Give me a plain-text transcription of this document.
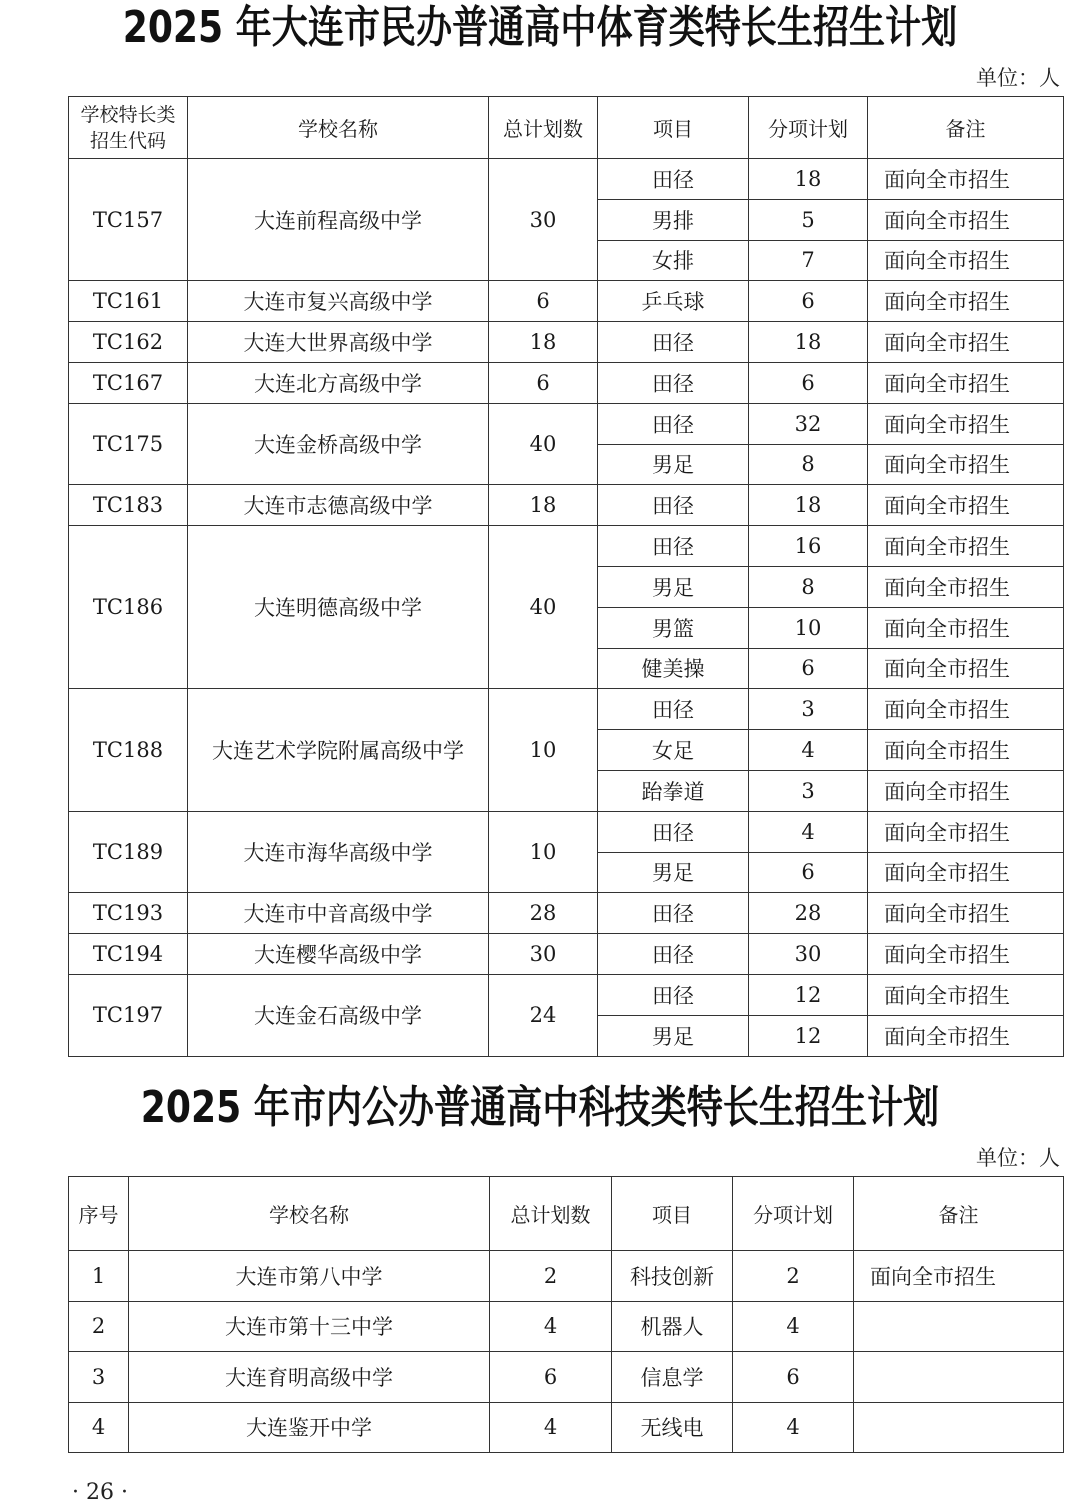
2025 年大连市民办普通高中体育类特长生招生计划
单位：人
学校特长类招生代码	学校名称	总计划数	项目	分项计划	备注
TC157	大连前程高级中学	30	田径	18	面向全市招生
			男排	5	面向全市招生
			女排	7	面向全市招生
TC161	大连市复兴高级中学	6	乒乓球	6	面向全市招生
TC162	大连大世界高级中学	18	田径	18	面向全市招生
TC167	大连北方高级中学	6	田径	6	面向全市招生
TC175	大连金桥高级中学	40	田径	32	面向全市招生
			男足	8	面向全市招生
TC183	大连市志德高级中学	18	田径	18	面向全市招生
TC186	大连明德高级中学	40	田径	16	面向全市招生
			男足	8	面向全市招生
			男篮	10	面向全市招生
			健美操	6	面向全市招生
TC188	大连艺术学院附属高级中学	10	田径	3	面向全市招生
			女足	4	面向全市招生
			跆拳道	3	面向全市招生
TC189	大连市海华高级中学	10	田径	4	面向全市招生
			男足	6	面向全市招生
TC193	大连市中音高级中学	28	田径	28	面向全市招生
TC194	大连樱华高级中学	30	田径	30	面向全市招生
TC197	大连金石高级中学	24	田径	12	面向全市招生
			男足	12	面向全市招生
2025 年市内公办普通高中科技类特长生招生计划
单位：人
序号	学校名称	总计划数	项目	分项计划	备注
1	大连市第八中学	2	科技创新	2	面向全市招生
2	大连市第十三中学	4	机器人	4	
3	大连育明高级中学	6	信息学	6	
4	大连鉴开中学	4	无线电	4	
· 26 ·
